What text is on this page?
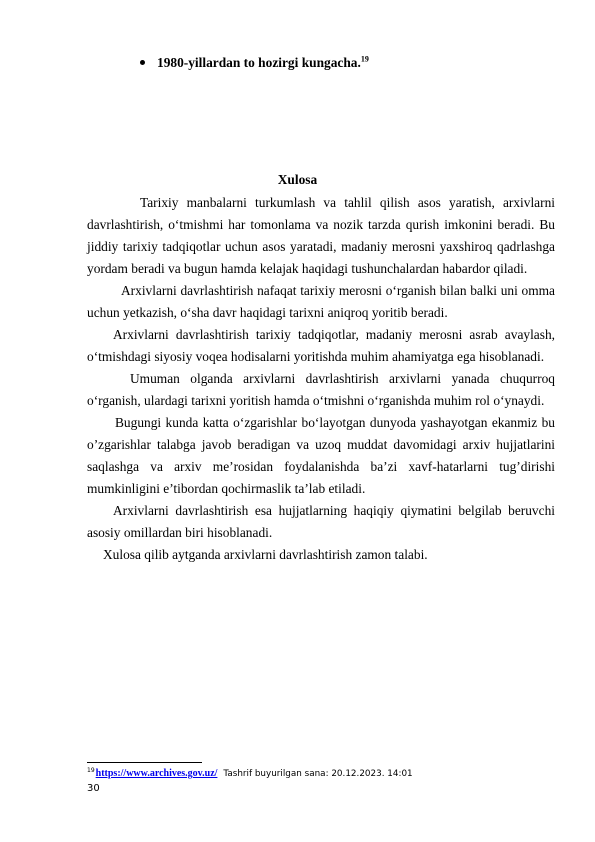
1980-yillardan to hozirgi kungacha.$^{19}$
Xulosa

Tarixiy manbalarni turkumlash va tahlil qilish asos yaratish, arxivlarni davrlashtirish, o‘tmishmi har tomonlama va nozik tarzda qurish imkonini beradi. Bu jiddiy tarixiy tadqiqotlar uchun asos yaratadi, madaniy merosni yaxshiroq qadrlashga yordam beradi va bugun hamda kelajak haqidagi tushunchalardan habardor qiladi.

Arxivlarni davrlashtirish nafaqat tarixiy merosni o‘rganish bilan balki uni omma uchun yetkazish, o‘sha davr haqidagi tarixni aniqroq yoritib beradi.

Arxivlarni davrlashtirish tarixiy tadqiqotlar, madaniy merosni asrab avaylash, o‘tmishdagi siyosiy voqea hodisalarni yoritishda muhim ahamiyatga ega hisoblanadi.

Umuman olganda arxivlarni davrlashtirish arxivlarni yanada chuqurroq o‘rganish, ulardagi tarixni yoritish hamda o‘tmishni o‘rganishda muhim rol o‘ynaydi.

Bugungi kunda katta o‘zgarishlar bo‘layotgan dunyoda yashayotgan ekanmiz bu o’zgarishlar talabga javob beradigan va uzoq muddat davomidagi arxiv hujjatlarini saqlashga va arxiv me’rosidan foydalanishda ba’zi xavf-hatarlarni tug’dirishi mumkinligini e’tibordan qochirmaslik ta’lab etiladi.

Arxivlarni davrlashtirish esa hujjatlarning haqiqiy qiymatini belgilab beruvchi asosiy omillardan biri hisoblanadi.

Xulosa qilib aytganda arxivlarni davrlashtirish zamon talabi.

$^{19}$https://www.archives.gov.uz/ Tashrif buyurilgan sana: 20.12.2023. 14:01
30
